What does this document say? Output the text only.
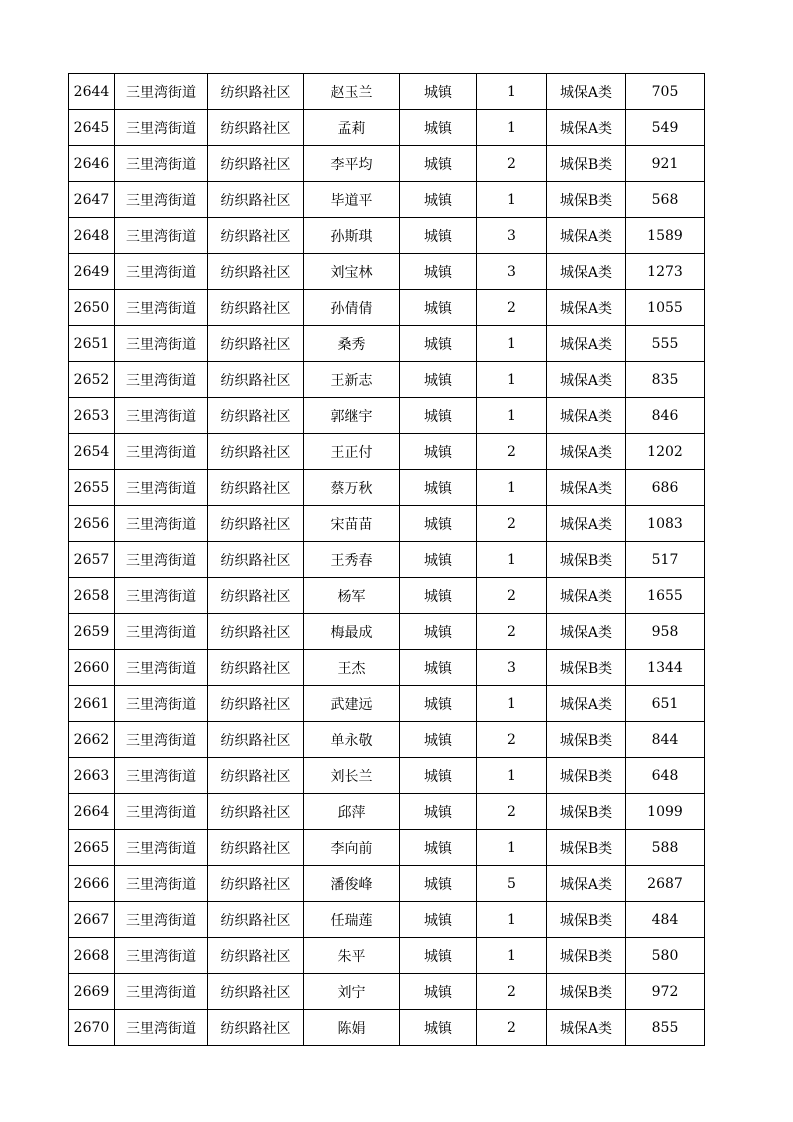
2644	三里湾街道	纺织路社区	赵玉兰	城镇	1	城保A类	705
2645	三里湾街道	纺织路社区	孟莉	城镇	1	城保A类	549
2646	三里湾街道	纺织路社区	李平均	城镇	2	城保B类	921
2647	三里湾街道	纺织路社区	毕道平	城镇	1	城保B类	568
2648	三里湾街道	纺织路社区	孙斯琪	城镇	3	城保A类	1589
2649	三里湾街道	纺织路社区	刘宝林	城镇	3	城保A类	1273
2650	三里湾街道	纺织路社区	孙倩倩	城镇	2	城保A类	1055
2651	三里湾街道	纺织路社区	桑秀	城镇	1	城保A类	555
2652	三里湾街道	纺织路社区	王新志	城镇	1	城保A类	835
2653	三里湾街道	纺织路社区	郭继宇	城镇	1	城保A类	846
2654	三里湾街道	纺织路社区	王正付	城镇	2	城保A类	1202
2655	三里湾街道	纺织路社区	蔡万秋	城镇	1	城保A类	686
2656	三里湾街道	纺织路社区	宋苗苗	城镇	2	城保A类	1083
2657	三里湾街道	纺织路社区	王秀春	城镇	1	城保B类	517
2658	三里湾街道	纺织路社区	杨军	城镇	2	城保A类	1655
2659	三里湾街道	纺织路社区	梅最成	城镇	2	城保A类	958
2660	三里湾街道	纺织路社区	王杰	城镇	3	城保B类	1344
2661	三里湾街道	纺织路社区	武建远	城镇	1	城保A类	651
2662	三里湾街道	纺织路社区	单永敬	城镇	2	城保B类	844
2663	三里湾街道	纺织路社区	刘长兰	城镇	1	城保B类	648
2664	三里湾街道	纺织路社区	邱萍	城镇	2	城保B类	1099
2665	三里湾街道	纺织路社区	李向前	城镇	1	城保B类	588
2666	三里湾街道	纺织路社区	潘俊峰	城镇	5	城保A类	2687
2667	三里湾街道	纺织路社区	任瑞莲	城镇	1	城保B类	484
2668	三里湾街道	纺织路社区	朱平	城镇	1	城保B类	580
2669	三里湾街道	纺织路社区	刘宁	城镇	2	城保B类	972
2670	三里湾街道	纺织路社区	陈娟	城镇	2	城保A类	855
